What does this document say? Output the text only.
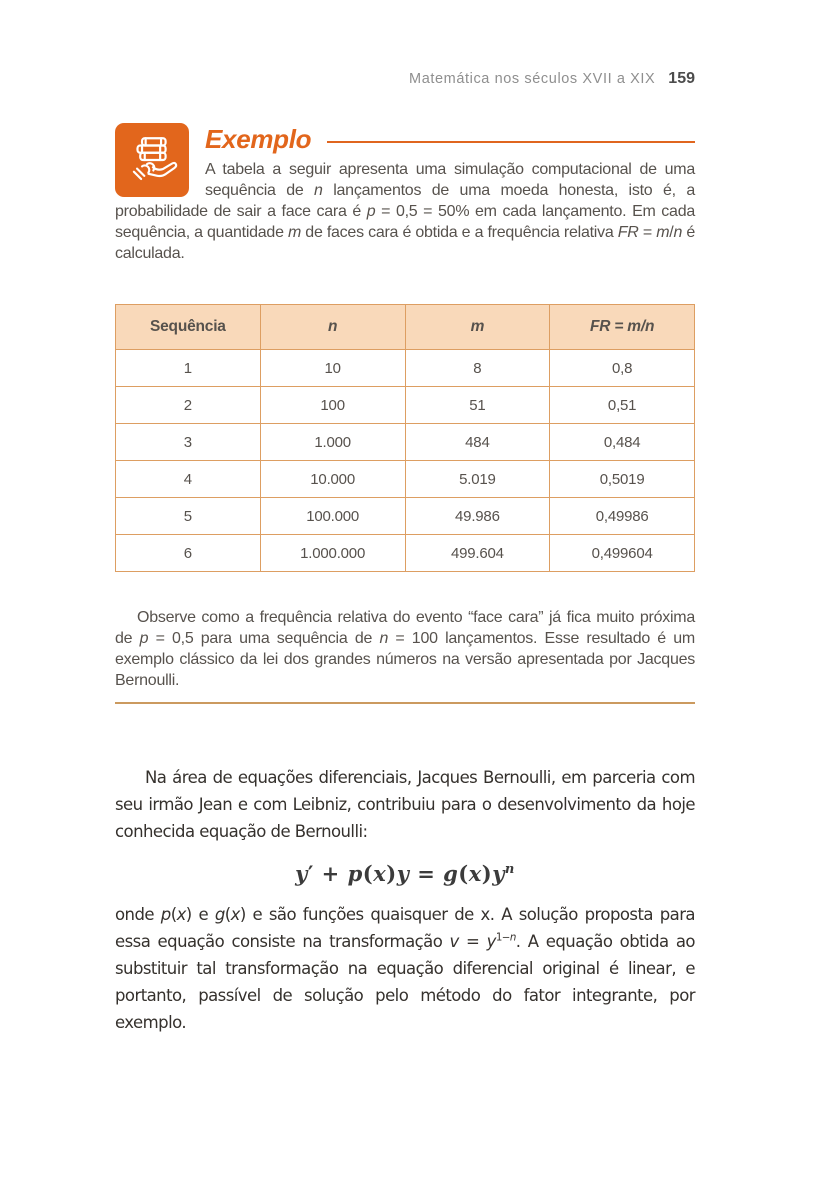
Matemática nos séculos XVII a XIX 159
Exemplo

A tabela a seguir apresenta uma simulação computacional de uma sequência de n lançamentos de uma moeda honesta, isto é, a probabilidade de sair a face cara é p = 0,5 = 50% em cada lançamento. Em cada sequência, a quantidade m de faces cara é obtida e a frequência relativa FR = m/n é calculada.

Sequência	n	m	FR = m/n
1	10	8	0,8
2	100	51	0,51
3	1.000	484	0,484
4	10.000	5.019	0,5019
5	100.000	49.986	0,49986
6	1.000.000	499.604	0,499604

Observe como a frequência relativa do evento “face cara” já fica muito próxima de p = 0,5 para uma sequência de n = 100 lançamentos. Esse resultado é um exemplo clássico da lei dos grandes números na versão apresentada por Jacques Bernoulli.

Na área de equações diferenciais, Jacques Bernoulli, em parceria com seu irmão Jean e com Leibniz, contribuiu para o desenvolvimento da hoje conhecida equação de Bernoulli:

$y' + p(x)y = g(x)y^n$

onde p(x) e g(x) e são funções quaisquer de x. A solução proposta para essa equação consiste na transformação $v = y^{1-n}$. A equação obtida ao substituir tal transformação na equação diferencial original é linear, e portanto, passível de solução pelo método do fator integrante, por exemplo.
